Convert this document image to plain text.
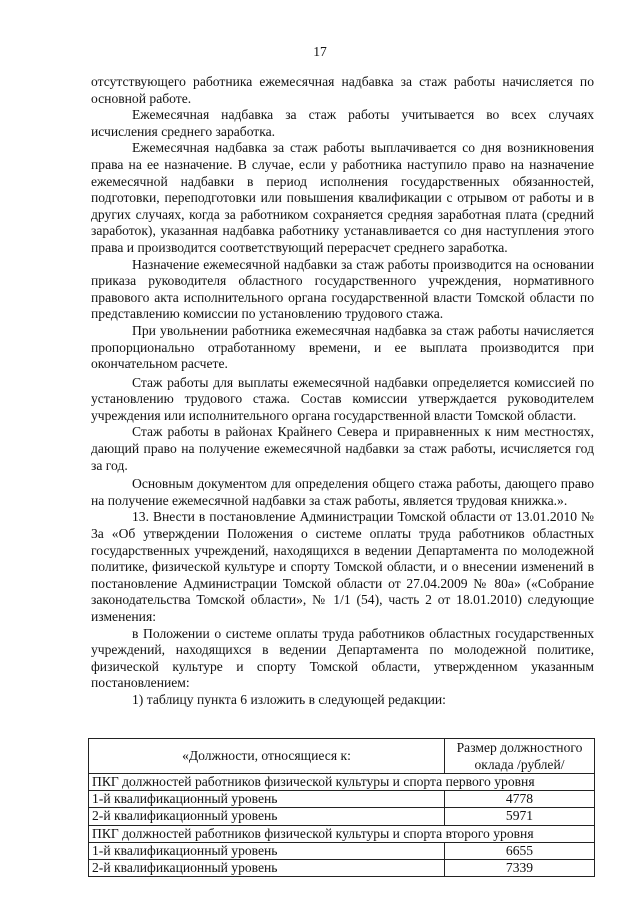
17

отсутствующего работника ежемесячная надбавка за стаж работы начисляется по основной работе.

Ежемесячная надбавка за стаж работы учитывается во всех случаях исчисления среднего заработка.

Ежемесячная надбавка за стаж работы выплачивается со дня возникновения права на ее назначение. В случае, если у работника наступило право на назначение ежемесячной надбавки в период исполнения государственных обязанностей, подготовки, переподготовки или повышения квалификации с отрывом от работы и в других случаях, когда за работником сохраняется средняя заработная плата (средний заработок), указанная надбавка работнику устанавливается со дня наступления этого права и производится соответствующий перерасчет среднего заработка.

Назначение ежемесячной надбавки за стаж работы производится на основании приказа руководителя областного государственного учреждения, нормативного правового акта исполнительного органа государственной власти Томской области по представлению комиссии по установлению трудового стажа.

При увольнении работника ежемесячная надбавка за стаж работы начисляется пропорционально отработанному времени, и ее выплата производится при окончательном расчете.

Стаж работы для выплаты ежемесячной надбавки определяется комиссией по установлению трудового стажа. Состав комиссии утверждается руководителем учреждения или исполнительного органа государственной власти Томской области.

Стаж работы в районах Крайнего Севера и приравненных к ним местностях, дающий право на получение ежемесячной надбавки за стаж работы, исчисляется год за год.

Основным документом для определения общего стажа работы, дающего право на получение ежемесячной надбавки за стаж работы, является трудовая книжка.».

13. Внести в постановление Администрации Томской области от 13.01.2010 № 3а «Об утверждении Положения о системе оплаты труда работников областных государственных учреждений, находящихся в ведении Департамента по молодежной политике, физической культуре и спорту Томской области, и о внесении изменений в постановление Администрации Томской области от 27.04.2009 № 80а» («Собрание законодательства Томской области», № 1/1 (54), часть 2 от 18.01.2010) следующие изменения:

в Положении о системе оплаты труда работников областных государственных учреждений, находящихся в ведении Департамента по молодежной политике, физической культуре и спорту Томской области, утвержденном указанным постановлением:

1) таблицу пункта 6 изложить в следующей редакции:

«Должности, относящиеся к:	Размер должностного оклада /рублей/
ПКГ должностей работников физической культуры и спорта первого уровня	
1-й квалификационный уровень	4778
2-й квалификационный уровень	5971
ПКГ должностей работников физической культуры и спорта второго уровня	
1-й квалификационный уровень	6655
2-й квалификационный уровень	7339
